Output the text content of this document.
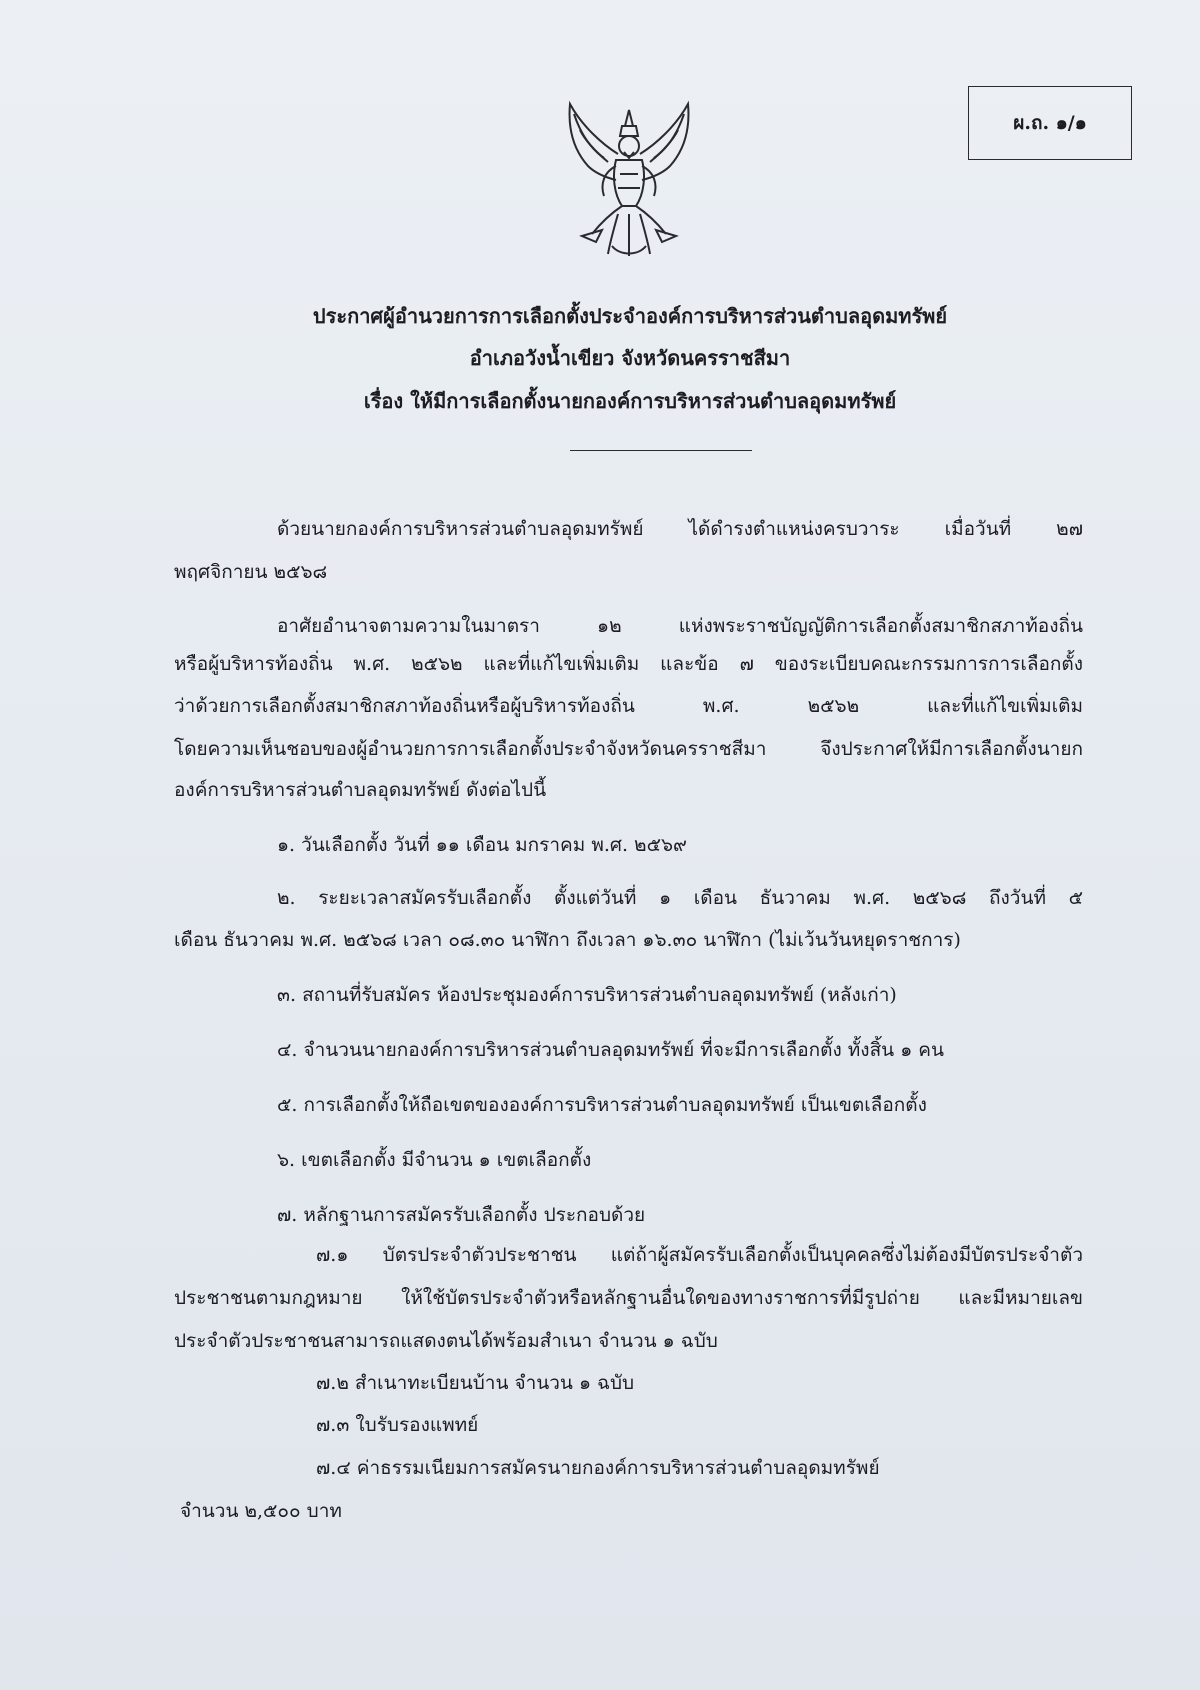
ผ.ถ. ๑/๑
ประกาศผู้อำนวยการการเลือกตั้งประจำองค์การบริหารส่วนตำบลอุดมทรัพย์
อำเภอวังน้ำเขียว จังหวัดนครราชสีมา
เรื่อง ให้มีการเลือกตั้งนายกองค์การบริหารส่วนตำบลอุดมทรัพย์
ด้วยนายกองค์การบริหารส่วนตำบลอุดมทรัพย์ ได้ดำรงตำแหน่งครบวาระ เมื่อวันที่ ๒๗
พฤศจิกายน ๒๕๖๘
อาศัยอำนาจตามความในมาตรา ๑๒ แห่งพระราชบัญญัติการเลือกตั้งสมาชิกสภาท้องถิ่น
หรือผู้บริหารท้องถิ่น พ.ศ. ๒๕๖๒ และที่แก้ไขเพิ่มเติม และข้อ ๗ ของระเบียบคณะกรรมการการเลือกตั้ง
ว่าด้วยการเลือกตั้งสมาชิกสภาท้องถิ่นหรือผู้บริหารท้องถิ่น พ.ศ. ๒๕๖๒ และที่แก้ไขเพิ่มเติม
โดยความเห็นชอบของผู้อำนวยการการเลือกตั้งประจำจังหวัดนครราชสีมา จึงประกาศให้มีการเลือกตั้งนายก
องค์การบริหารส่วนตำบลอุดมทรัพย์ ดังต่อไปนี้
๑. วันเลือกตั้ง วันที่ ๑๑ เดือน มกราคม พ.ศ. ๒๕๖๙
๒. ระยะเวลาสมัครรับเลือกตั้ง ตั้งแต่วันที่ ๑ เดือน ธันวาคม พ.ศ. ๒๕๖๘ ถึงวันที่ ๕
เดือน ธันวาคม พ.ศ. ๒๕๖๘ เวลา ๐๘.๓๐ นาฬิกา ถึงเวลา ๑๖.๓๐ นาฬิกา (ไม่เว้นวันหยุดราชการ)
๓. สถานที่รับสมัคร ห้องประชุมองค์การบริหารส่วนตำบลอุดมทรัพย์ (หลังเก่า)
๔. จำนวนนายกองค์การบริหารส่วนตำบลอุดมทรัพย์ ที่จะมีการเลือกตั้ง ทั้งสิ้น ๑ คน
๕. การเลือกตั้งให้ถือเขตขององค์การบริหารส่วนตำบลอุดมทรัพย์ เป็นเขตเลือกตั้ง
๖. เขตเลือกตั้ง มีจำนวน ๑ เขตเลือกตั้ง
๗. หลักฐานการสมัครรับเลือกตั้ง ประกอบด้วย
๗.๑ บัตรประจำตัวประชาชน แต่ถ้าผู้สมัครรับเลือกตั้งเป็นบุคคลซึ่งไม่ต้องมีบัตรประจำตัว
ประชาชนตามกฎหมาย ให้ใช้บัตรประจำตัวหรือหลักฐานอื่นใดของทางราชการที่มีรูปถ่าย และมีหมายเลข
ประจำตัวประชาชนสามารถแสดงตนได้พร้อมสำเนา จำนวน ๑ ฉบับ
๗.๒ สำเนาทะเบียนบ้าน จำนวน ๑ ฉบับ
๗.๓ ใบรับรองแพทย์
๗.๔ ค่าธรรมเนียมการสมัครนายกองค์การบริหารส่วนตำบลอุดมทรัพย์
จำนวน ๒,๕๐๐ บาท
